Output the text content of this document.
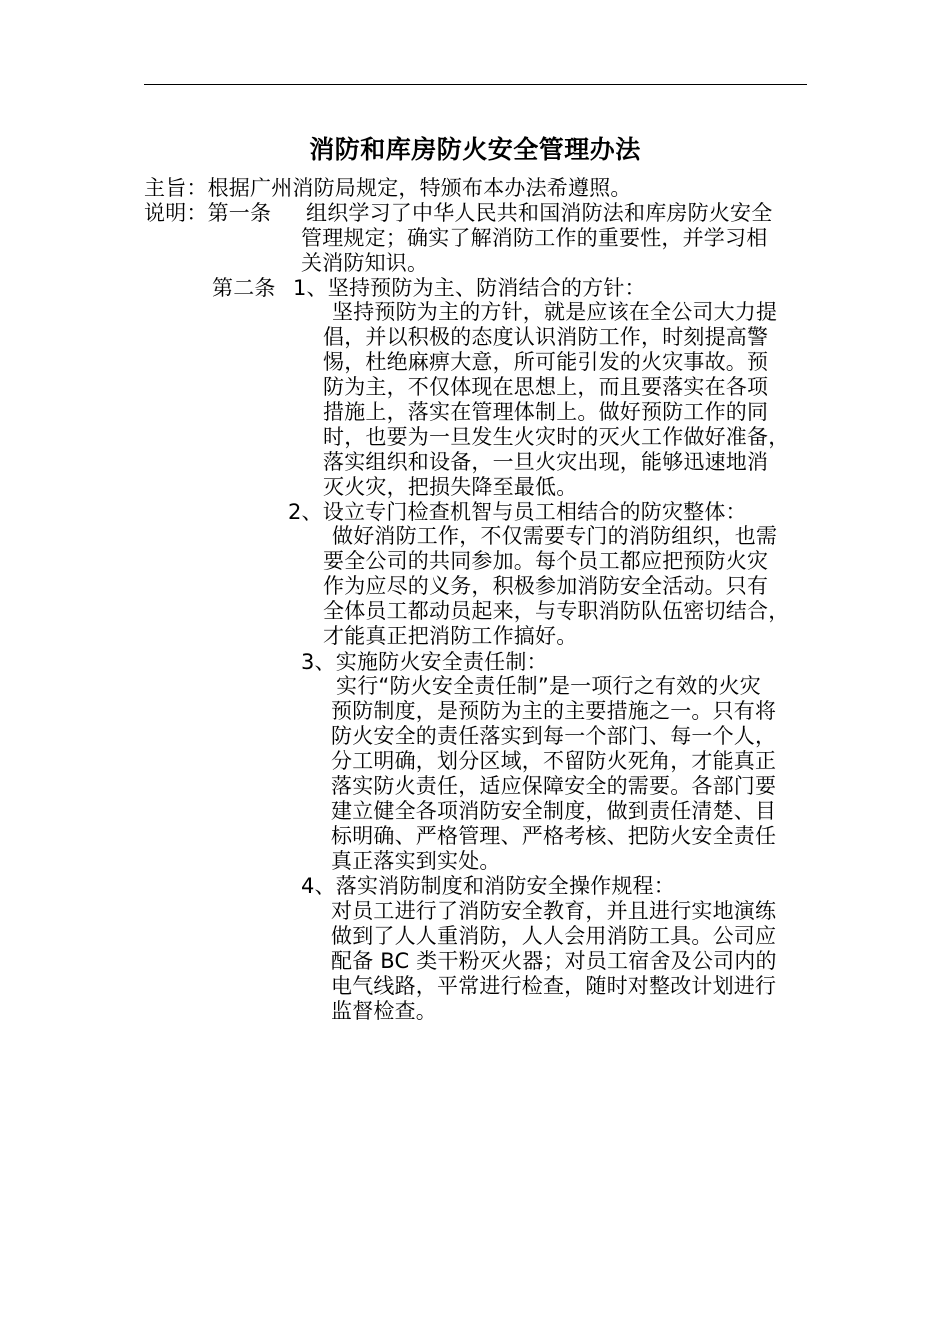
消防和库房防火安全管理办法
主旨：根据广州消防局规定，特颁布本办法希遵照。
说明：第一条 组织学习了中华人民共和国消防法和库房防火安全
管理规定；确实了解消防工作的重要性，并学习相
关消防知识。
第二条 1、坚持预防为主、防消结合的方针：
坚持预防为主的方针，就是应该在全公司大力提
倡，并以积极的态度认识消防工作，时刻提高警
惕，杜绝麻痹大意，所可能引发的火灾事故。预
防为主，不仅体现在思想上，而且要落实在各项
措施上，落实在管理体制上。做好预防工作的同
时，也要为一旦发生火灾时的灭火工作做好准备，
落实组织和设备，一旦火灾出现，能够迅速地消
灭火灾，把损失降至最低。
2、设立专门检查机智与员工相结合的防灾整体：
做好消防工作，不仅需要专门的消防组织，也需
要全公司的共同参加。每个员工都应把预防火灾
作为应尽的义务，积极参加消防安全活动。只有
全体员工都动员起来，与专职消防队伍密切结合，
才能真正把消防工作搞好。
3、实施防火安全责任制：
实行“防火安全责任制”是一项行之有效的火灾
预防制度，是预防为主的主要措施之一。只有将
防火安全的责任落实到每一个部门、每一个人，
分工明确，划分区域，不留防火死角，才能真正
落实防火责任，适应保障安全的需要。各部门要
建立健全各项消防安全制度，做到责任清楚、目
标明确、严格管理、严格考核、把防火安全责任
真正落实到实处。
4、落实消防制度和消防安全操作规程：
对员工进行了消防安全教育，并且进行实地演练
做到了人人重消防，人人会用消防工具。公司应
配备 BC 类干粉灭火器；对员工宿舍及公司内的
电气线路，平常进行检查，随时对整改计划进行
监督检查。
